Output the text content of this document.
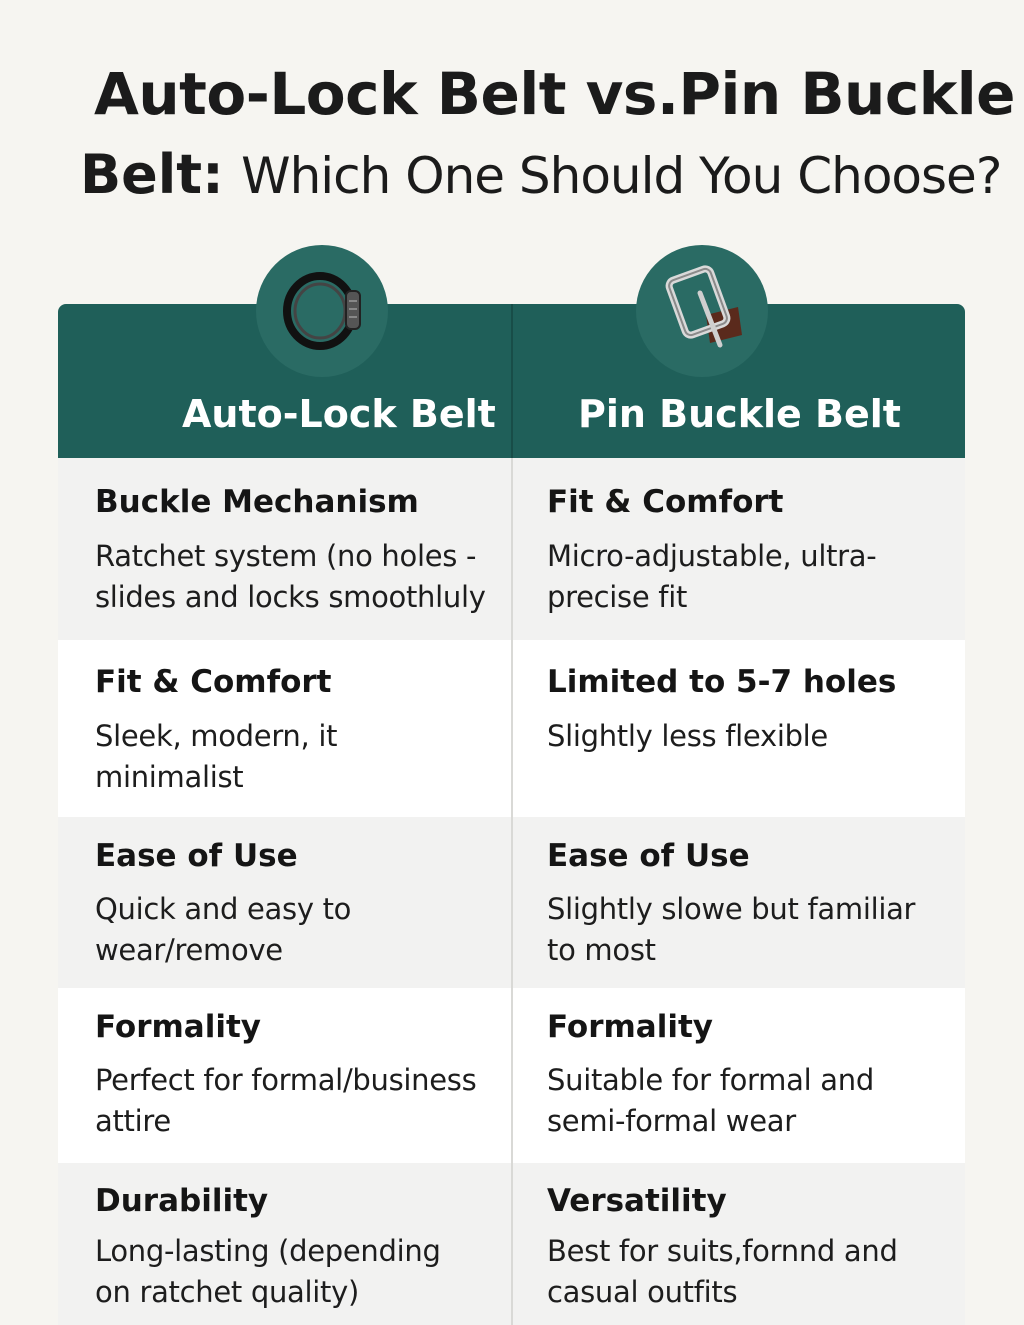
Auto-Lock Belt vs.Pin Buckle
Belt: Which One Should You Choose?
Auto-Lock Belt Pin Buckle Belt
Buckle Mechanism
Ratchet system (no holes - slides and locks smoothluly
Fit & Comfort
Micro-adjustable, ultra-precise fit
Fit & Comfort
Sleek, modern, it minimalist
Limited to 5-7 holes
Slightly less flexible
Ease of Use
Quick and easy to wear/remove
Ease of Use
Slightly slowe but familiar to most
Formality
Perfect for formal/business attire
Formality
Suitable for formal and semi-formal wear
Durability
Long-lasting (depending on ratchet quality)
Versatility
Best for suits,fornnd and casual outfits
